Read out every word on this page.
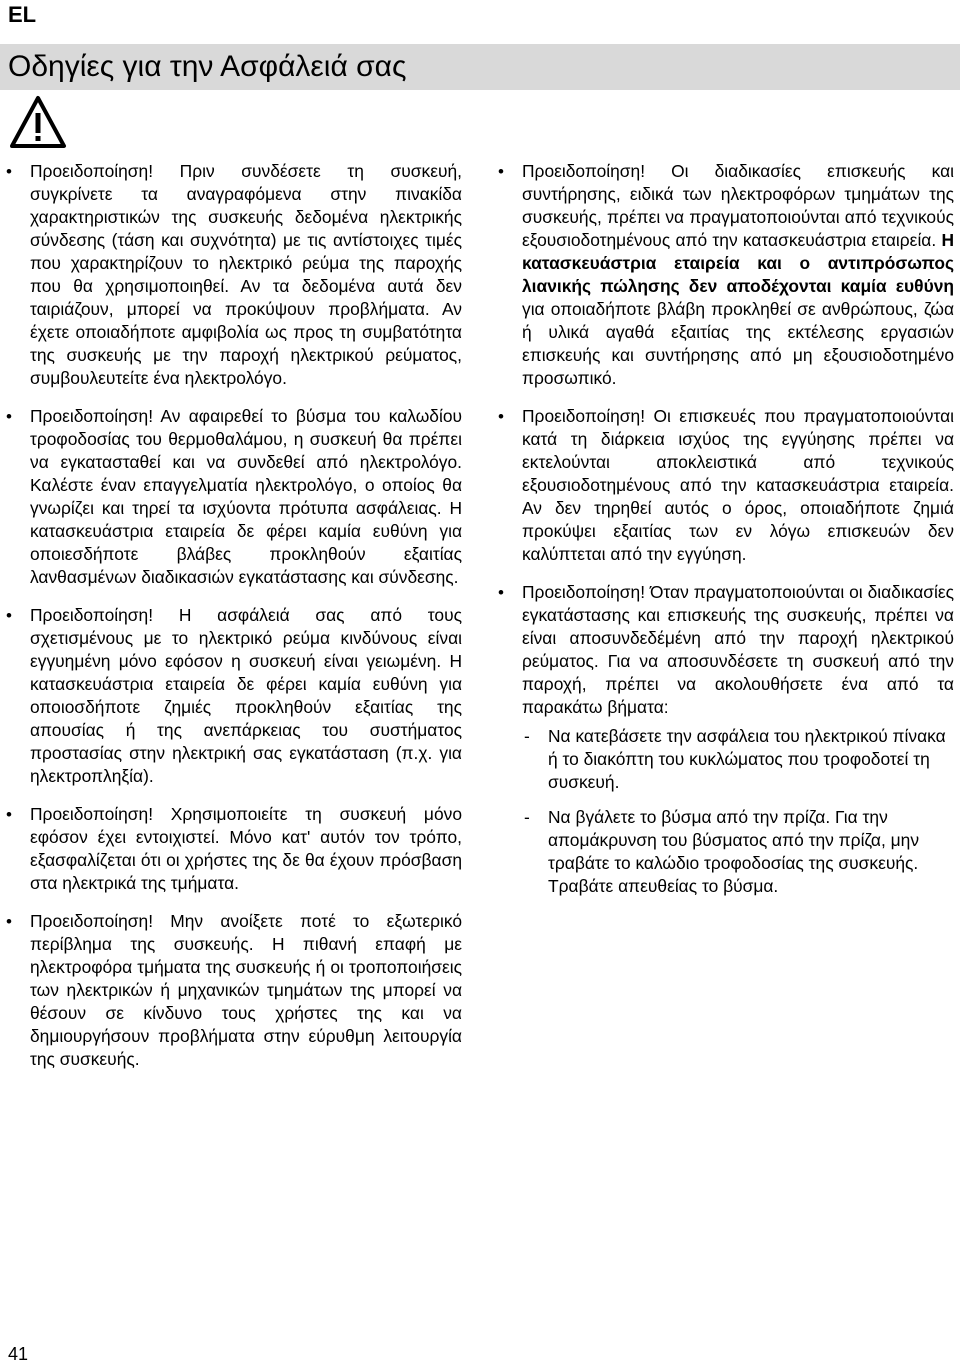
EL
Οδηγίες για την Ασφάλειά σας

• Προειδοποίηση! Πριν συνδέσετε τη συσκευή, συγκρίνετε τα αναγραφόμενα στην πινακίδα χαρακτηριστικών της συσκευής δεδομένα ηλεκτρικής σύνδεσης (τάση και συχνότητα) με τις αντίστοιχες τιμές που χαρακτηρίζουν το ηλεκτρικό ρεύμα της παροχής που θα χρησιμοποιηθεί. Αν τα δεδομένα αυτά δεν ταιριάζουν, μπορεί να προκύψουν προβλήματα. Αν έχετε οποιαδήποτε αμφιβολία ως προς τη συμβατότητα της συσκευής με την παροχή ηλεκτρικού ρεύματος, συμβουλευτείτε ένα ηλεκτρολόγο.

• Προειδοποίηση! Αν αφαιρεθεί το βύσμα του καλωδίου τροφοδοσίας του θερμοθαλάμου, η συσκευή θα πρέπει να εγκατασταθεί και να συνδεθεί από ηλεκτρολόγο. Καλέστε έναν επαγγελματία ηλεκτρολόγο, ο οποίος θα γνωρίζει και τηρεί τα ισχύοντα πρότυπα ασφάλειας. Η κατασκευάστρια εταιρεία δε φέρει καμία ευθύνη για οποιεσδήποτε βλάβες προκληθούν εξαιτίας λανθασμένων διαδικασιών εγκατάστασης και σύνδεσης.

• Προειδοποίηση! Η ασφάλειά σας από τους σχετισμένους με το ηλεκτρικό ρεύμα κινδύνους είναι εγγυημένη μόνο εφόσον η συσκευή είναι γειωμένη. Η κατασκευάστρια εταιρεία δε φέρει καμία ευθύνη για οποιοσδήποτε ζημιές προκληθούν εξαιτίας της απουσίας ή της ανεπάρκειας του συστήματος προστασίας στην ηλεκτρική σας εγκατάσταση (π.χ. για ηλεκτροπληξία).

• Προειδοποίηση! Χρησιμοποιείτε τη συσκευή μόνο εφόσον έχει εντοιχιστεί. Μόνο κατ' αυτόν τον τρόπο, εξασφαλίζεται ότι οι χρήστες της δε θα έχουν πρόσβαση στα ηλεκτρικά της τμήματα.

• Προειδοποίηση! Μην ανοίξετε ποτέ το εξωτερικό περίβλημα της συσκευής. Η πιθανή επαφή με ηλεκτροφόρα τμήματα της συσκευής ή οι τροποποιήσεις των ηλεκτρικών ή μηχανικών τμημάτων της μπορεί να θέσουν σε κίνδυνο τους χρήστες της και να δημιουργήσουν προβλήματα στην εύρυθμη λειτουργία της συσκευής.

• Προειδοποίηση! Οι διαδικασίες επισκευής και συντήρησης, ειδικά των ηλεκτροφόρων τμημάτων της συσκευής, πρέπει να πραγματοποιούνται από τεχνικούς εξουσιοδοτημένους από την κατασκευάστρια εταιρεία. Η κατασκευάστρια εταιρεία και ο αντιπρόσωπος λιανικής πώλησης δεν αποδέχονται καμία ευθύνη για οποιαδήποτε βλάβη προκληθεί σε ανθρώπους, ζώα ή υλικά αγαθά εξαιτίας της εκτέλεσης εργασιών επισκευής και συντήρησης από μη εξουσιοδοτημένο προσωπικό.

• Προειδοποίηση! Οι επισκευές που πραγματοποιούνται κατά τη διάρκεια ισχύος της εγγύησης πρέπει να εκτελούνται αποκλειστικά από τεχνικούς εξουσιοδοτημένους από την κατασκευάστρια εταιρεία. Αν δεν τηρηθεί αυτός ο όρος, οποιαδήποτε ζημιά προκύψει εξαιτίας των εν λόγω επισκευών δεν καλύπτεται από την εγγύηση.

• Προειδοποίηση! Όταν πραγματοποιούνται οι διαδικασίες εγκατάστασης και επισκευής της συσκευής, πρέπει να είναι αποσυνδεδέμένη από την παροχή ηλεκτρικού ρεύματος. Για να αποσυνδέσετε τη συσκευή από την παροχή, πρέπει να ακολουθήσετε ένα από τα παρακάτω βήματα:
- Να κατεβάσετε την ασφάλεια του ηλεκτρικού πίνακα ή το διακόπτη του κυκλώματος που τροφοδοτεί τη συσκευή.
- Να βγάλετε το βύσμα από την πρίζα. Για την απομάκρυνση του βύσματος από την πρίζα, μην τραβάτε το καλώδιο τροφοδοσίας της συσκευής. Τραβάτε απευθείας το βύσμα.
41
